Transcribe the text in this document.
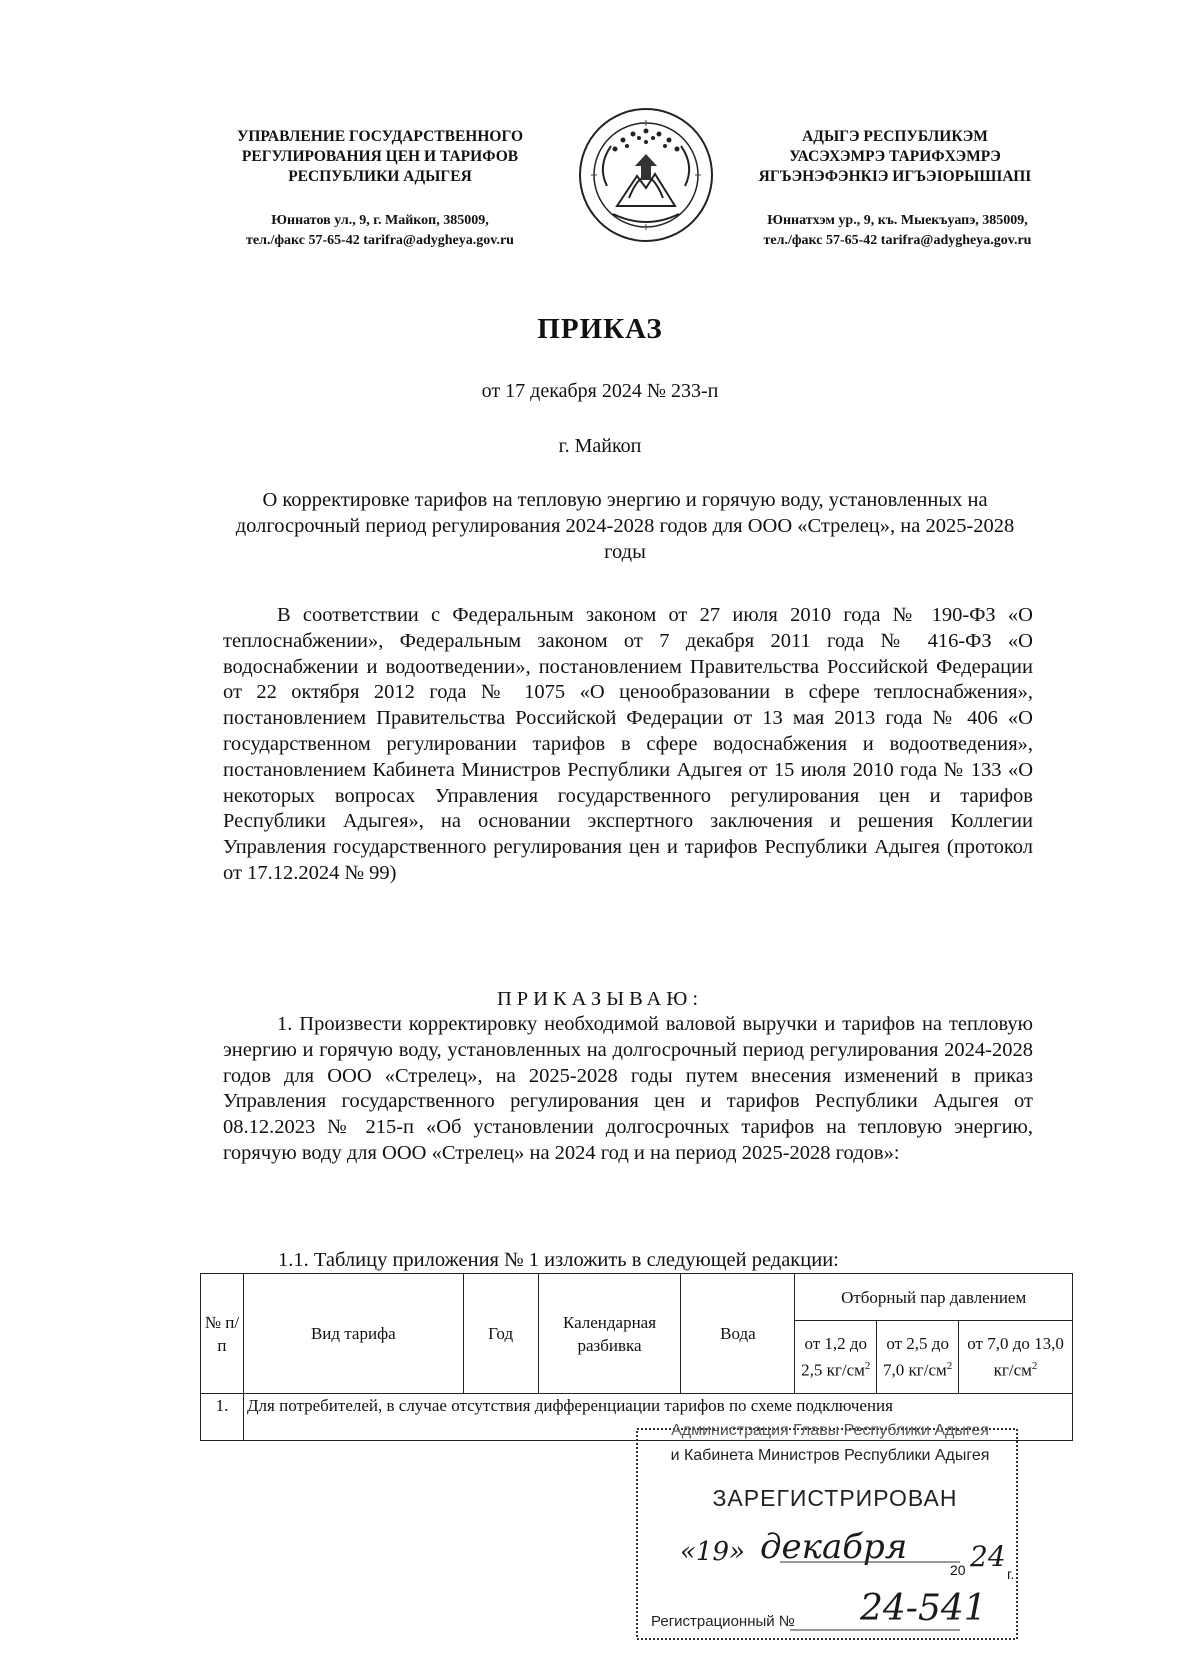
УПРАВЛЕНИЕ ГОСУДАРСТВЕННОГО
РЕГУЛИРОВАНИЯ ЦЕН И ТАРИФОВ
РЕСПУБЛИКИ АДЫГЕЯ
Юннатов ул., 9, г. Майкоп, 385009,
тел./факс 57-65-42 tarifra@adygheya.gov.ru
АДЫГЭ РЕСПУБЛИКЭМ
УАСЭХЭМРЭ ТАРИФХЭМРЭ
ЯГЪЭНЭФЭНКIЭ ИГЪЭIОРЫШIАПI
Юннатхэм ур., 9, къ. Мыекъуапэ, 385009,
тел./факс 57-65-42 tarifra@adygheya.gov.ru
ПРИКАЗ
от 17 декабря 2024 № 233-п
г. Майкоп
О корректировке тарифов на тепловую энергию и горячую воду, установленных на долгосрочный период регулирования 2024-2028 годов для ООО «Стрелец», на 2025-2028 годы
В соответствии с Федеральным законом от 27 июля 2010 года № 190-ФЗ «О теплоснабжении», Федеральным законом от 7 декабря 2011 года № 416-ФЗ «О водоснабжении и водоотведении», постановлением Правительства Российской Федерации от 22 октября 2012 года № 1075 «О ценообразовании в сфере теплоснабжения», постановлением Правительства Российской Федерации от 13 мая 2013 года № 406 «О государственном регулировании тарифов в сфере водоснабжения и водоотведения», постановлением Кабинета Министров Республики Адыгея от 15 июля 2010 года № 133 «О некоторых вопросах Управления государственного регулирования цен и тарифов Республики Адыгея», на основании экспертного заключения и решения Коллегии Управления государственного регулирования цен и тарифов Республики Адыгея (протокол от 17.12.2024 № 99)
ПРИКАЗЫВАЮ:
1. Произвести корректировку необходимой валовой выручки и тарифов на тепловую энергию и горячую воду, установленных на долгосрочный период регулирования 2024-2028 годов для ООО «Стрелец», на 2025-2028 годы путем внесения изменений в приказ Управления государственного регулирования цен и тарифов Республики Адыгея от 08.12.2023 № 215-п «Об установлении долгосрочных тарифов на тепловую энергию, горячую воду для ООО «Стрелец» на 2024 год и на период 2025-2028 годов»:
1.1. Таблицу приложения № 1 изложить в следующей редакции:
№ п/п	Вид тарифа	Год	Календарная разбивка	Вода	Отборный пар давлением		
					от 1,2 до 2,5 $кг/см^2$	от 2,5 до 7,0 $кг/см^2$	от 7,0 до 13,0 $кг/см^2$
1.	Для потребителей, в случае отсутствия дифференциации тарифов по схеме подключения						
Администрация Главы Республики Адыгея
и Кабинета Министров Республики Адыгея
ЗАРЕГИСТРИРОВАН
«19» декабря
20 24
г.
Регистрационный № 24-541
